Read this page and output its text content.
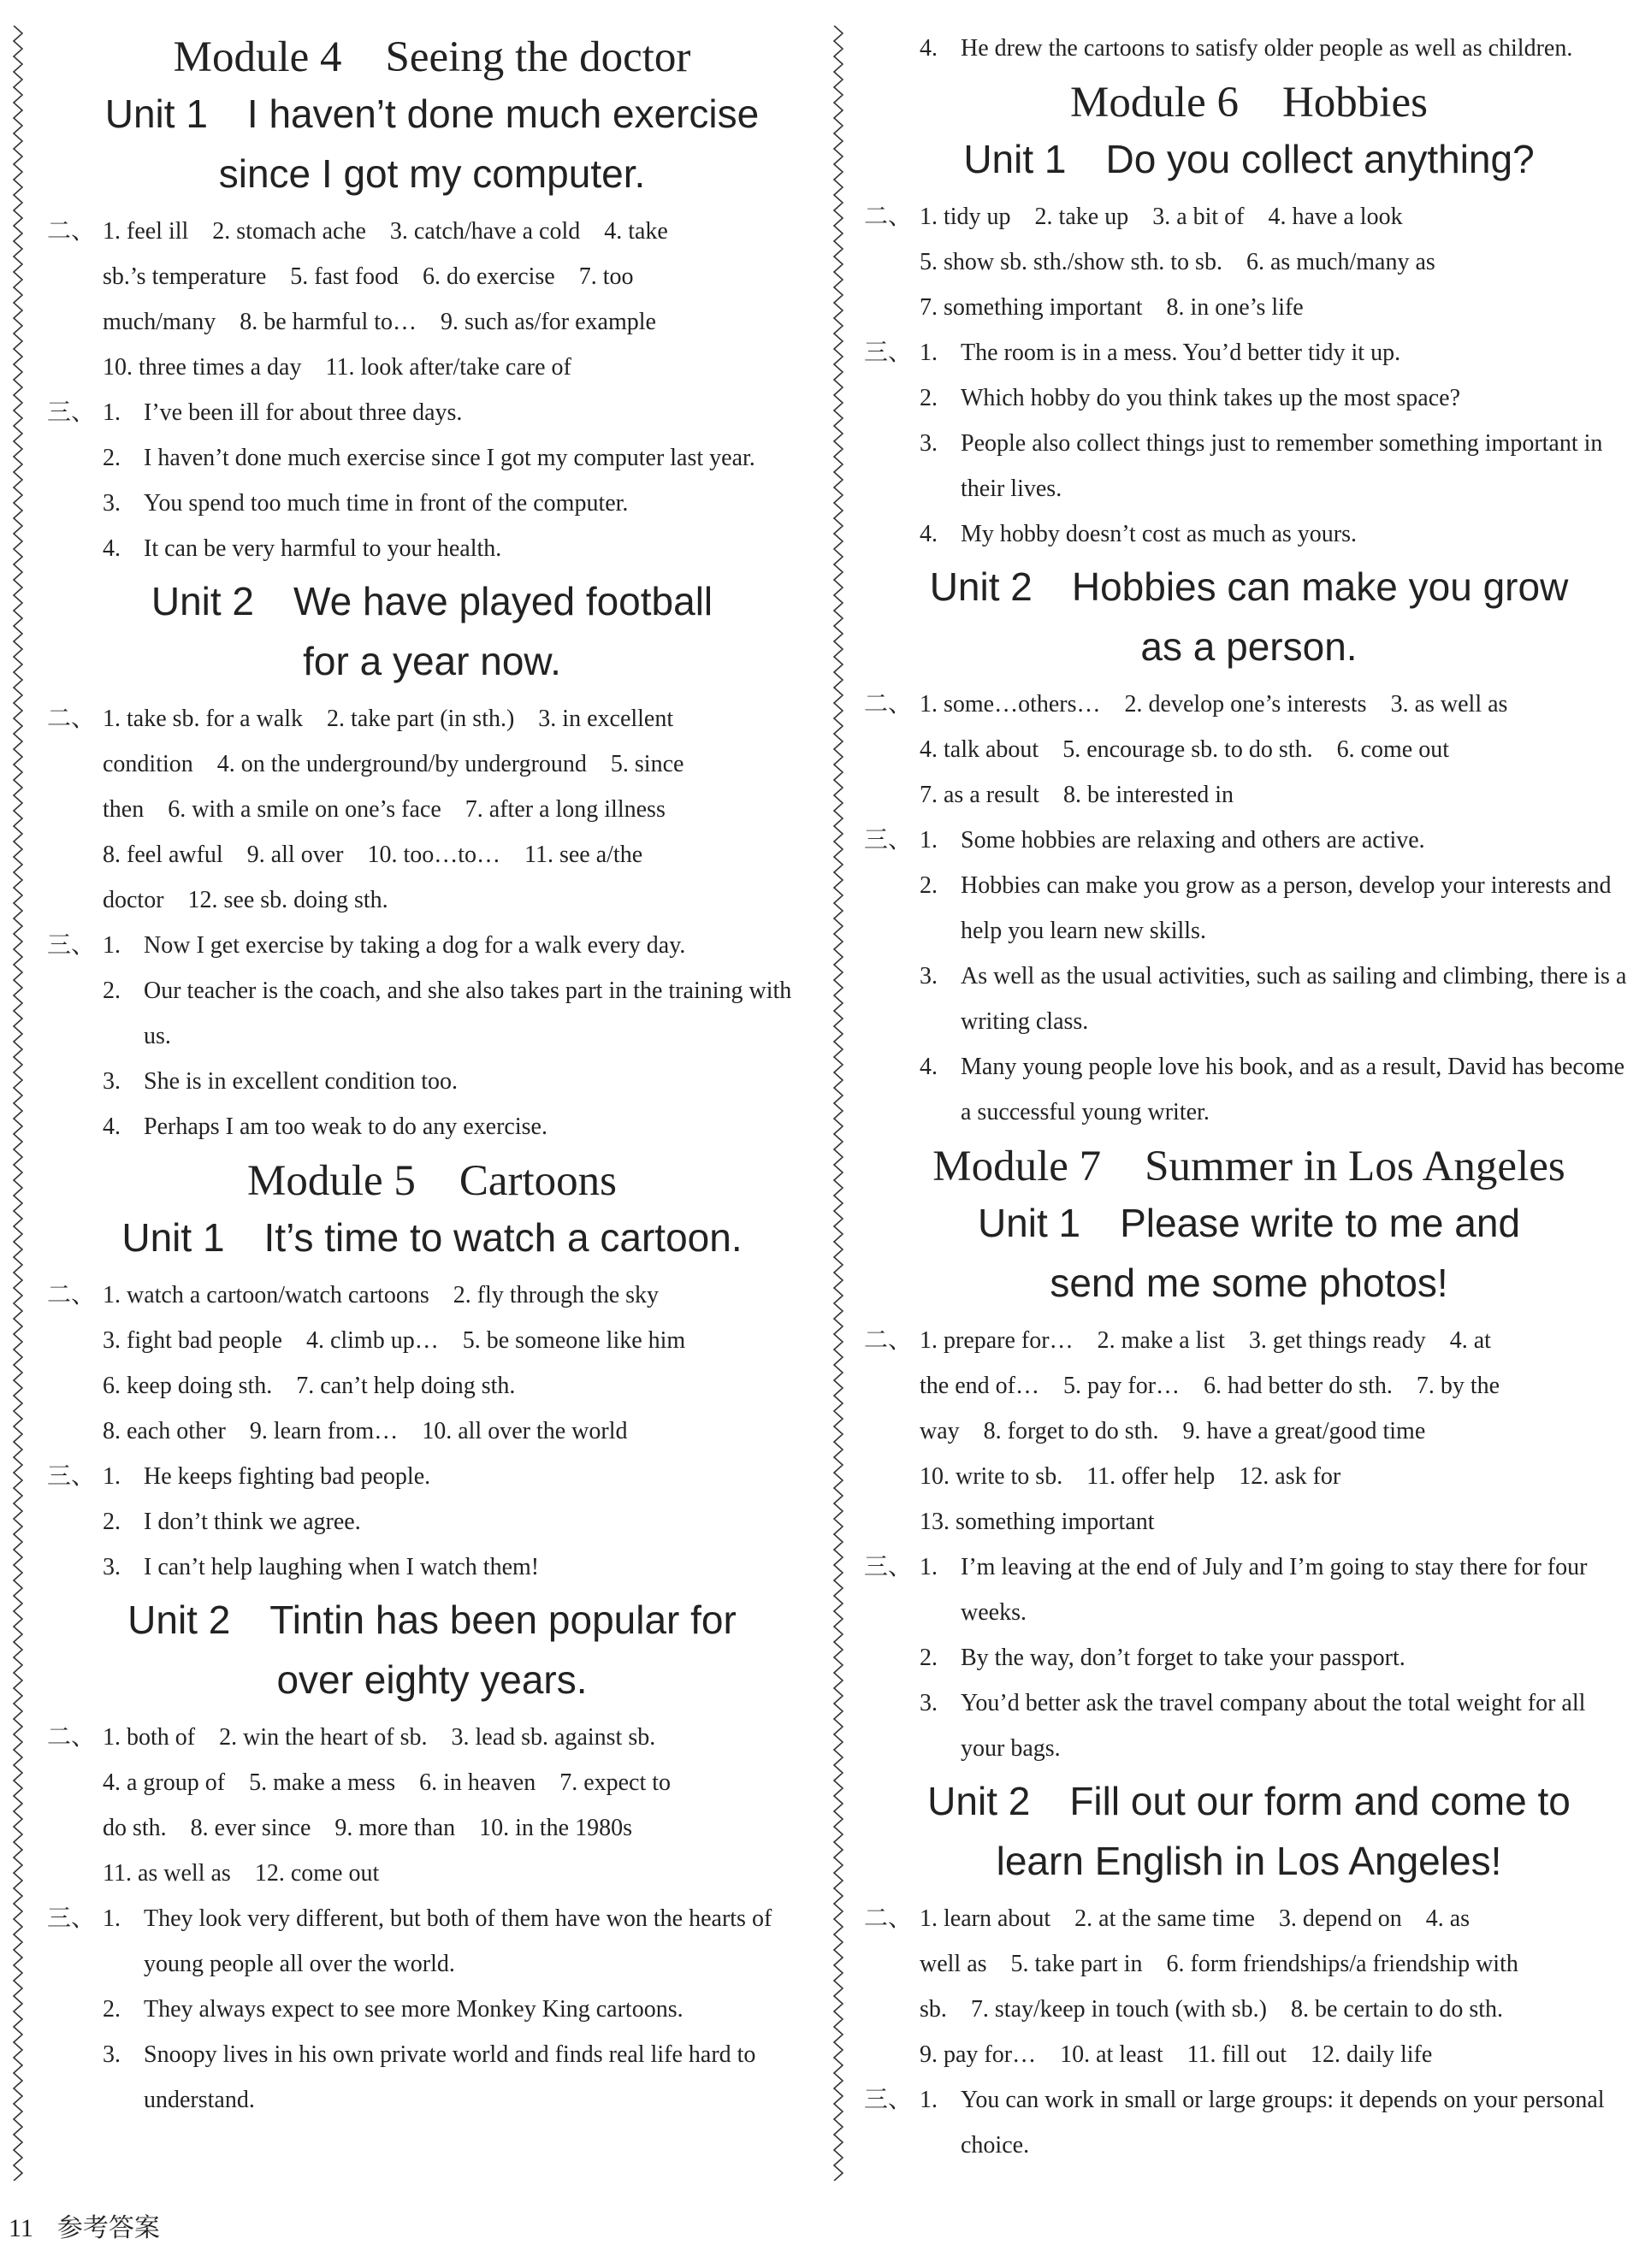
Module 4　Seeing the doctor
Unit 1　I haven’t done much exercise
since I got my computer.
二、 1. feel ill　2. stomach ache　3. catch/have a cold　4. take
sb.’s temperature　5. fast food　6. do exercise　7. too
much/many　8. be harmful to…　9. such as/for example
10. three times a day　11. look after/take care of
三、 1. I’ve been ill for about three days.
2. I haven’t done much exercise since I got my computer last year.
3. You spend too much time in front of the computer.
4. It can be very harmful to your health.
Unit 2　We have played football
for a year now.
二、 1. take sb. for a walk　2. take part (in sth.)　3. in excellent
condition　4. on the underground/by underground　5. since
then　6. with a smile on one’s face　7. after a long illness
8. feel awful　9. all over　10. too…to…　11. see a/the
doctor　12. see sb. doing sth.
三、 1. Now I get exercise by taking a dog for a walk every day.
2. Our teacher is the coach, and she also takes part in the training with us.
3. She is in excellent condition too.
4. Perhaps I am too weak to do any exercise.
Module 5　Cartoons
Unit 1　It’s time to watch a cartoon.
二、 1. watch a cartoon/watch cartoons　2. fly through the sky
3. fight bad people　4. climb up…　5. be someone like him
6. keep doing sth.　7. can’t help doing sth.
8. each other　9. learn from…　10. all over the world
三、 1. He keeps fighting bad people.
2. I don’t think we agree.
3. I can’t help laughing when I watch them!
Unit 2　Tintin has been popular for
over eighty years.
二、 1. both of　2. win the heart of sb.　3. lead sb. against sb.
4. a group of　5. make a mess　6. in heaven　7. expect to
do sth.　8. ever since　9. more than　10. in the 1980s
11. as well as　12. come out
三、 1. They look very different, but both of them have won the hearts of young people all over the world.
2. They always expect to see more Monkey King cartoons.
3. Snoopy lives in his own private world and finds real life hard to understand.
4. He drew the cartoons to satisfy older people as well as children.
Module 6　Hobbies
Unit 1　Do you collect anything?
二、 1. tidy up　2. take up　3. a bit of　4. have a look
5. show sb. sth./show sth. to sb.　6. as much/many as
7. something important　8. in one’s life
三、 1. The room is in a mess. You’d better tidy it up.
2. Which hobby do you think takes up the most space?
3. People also collect things just to remember something important in their lives.
4. My hobby doesn’t cost as much as yours.
Unit 2　Hobbies can make you grow
as a person.
二、 1. some…others…　2. develop one’s interests　3. as well as
4. talk about　5. encourage sb. to do sth.　6. come out
7. as a result　8. be interested in
三、 1. Some hobbies are relaxing and others are active.
2. Hobbies can make you grow as a person, develop your interests and help you learn new skills.
3. As well as the usual activities, such as sailing and climbing, there is a writing class.
4. Many young people love his book, and as a result, David has become a successful young writer.
Module 7　Summer in Los Angeles
Unit 1　Please write to me and
send me some photos!
二、 1. prepare for…　2. make a list　3. get things ready　4. at
the end of…　5. pay for…　6. had better do sth.　7. by the
way　8. forget to do sth.　9. have a great/good time
10. write to sb.　11. offer help　12. ask for
13. something important
三、 1. I’m leaving at the end of July and I’m going to stay there for four weeks.
2. By the way, don’t forget to take your passport.
3. You’d better ask the travel company about the total weight for all your bags.
Unit 2　Fill out our form and come to
learn English in Los Angeles!
二、 1. learn about　2. at the same time　3. depend on　4. as
well as　5. take part in　6. form friendships/a friendship with
sb.　7. stay/keep in touch (with sb.)　8. be certain to do sth.
9. pay for…　10. at least　11. fill out　12. daily life
三、 1. You can work in small or large groups: it depends on your personal choice.
11 参考答案
